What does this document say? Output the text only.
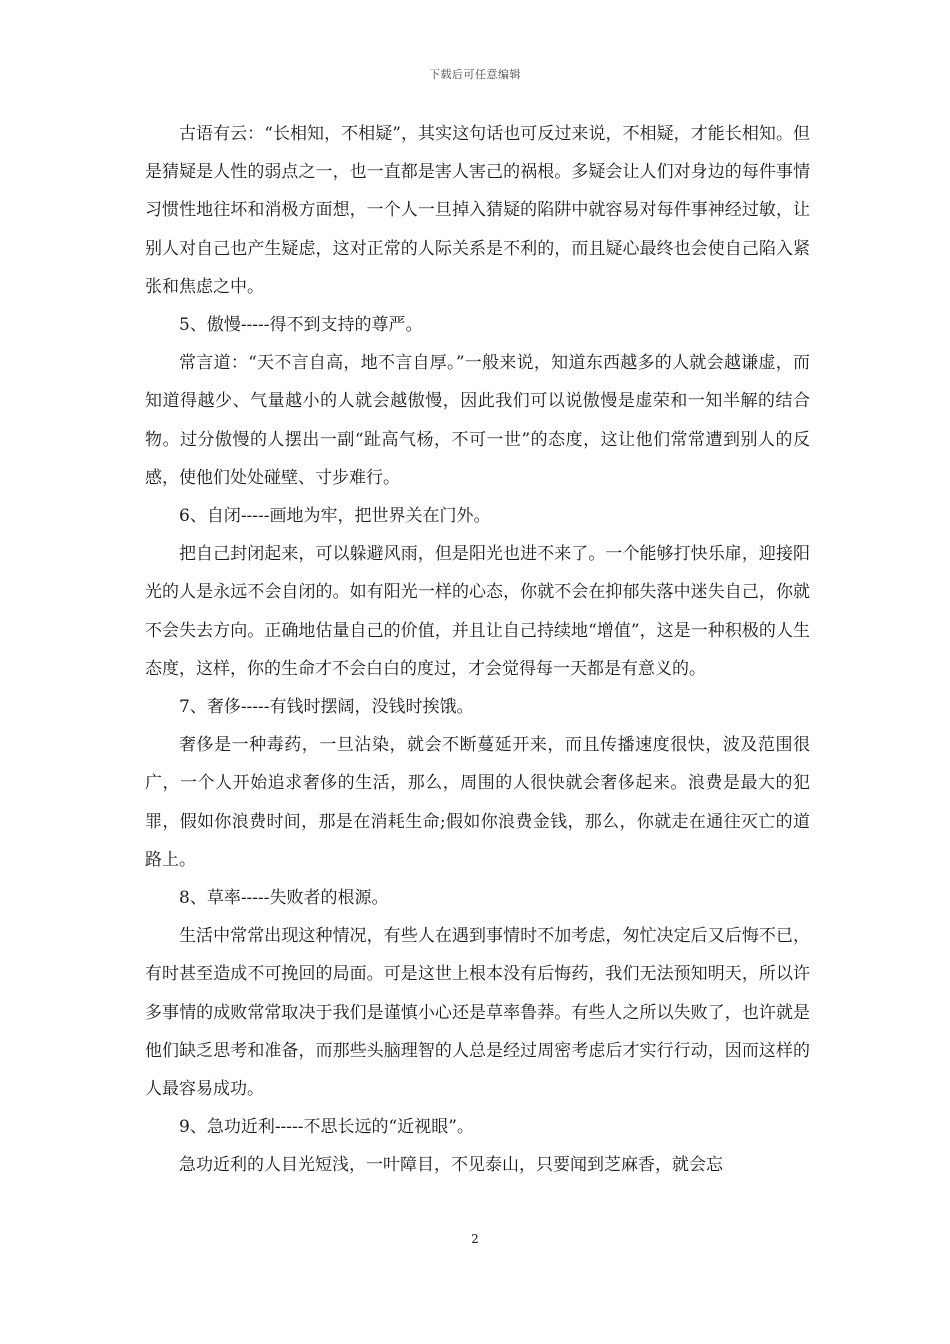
下载后可任意编辑

古语有云：“长相知，不相疑”，其实这句话也可反过来说，不相疑，才能长相知。但是猜疑是人性的弱点之一，也一直都是害人害己的祸根。多疑会让人们对身边的每件事情习惯性地往坏和消极方面想，一个人一旦掉入猜疑的陷阱中就容易对每件事神经过敏，让别人对自己也产生疑虑，这对正常的人际关系是不利的，而且疑心最终也会使自己陷入紧张和焦虑之中。

5、傲慢-----得不到支持的尊严。

常言道：“天不言自高，地不言自厚。”一般来说，知道东西越多的人就会越谦虚，而知道得越少、气量越小的人就会越傲慢，因此我们可以说傲慢是虚荣和一知半解的结合物。过分傲慢的人摆出一副“趾高气杨，不可一世”的态度，这让他们常常遭到别人的反感，使他们处处碰壁、寸步难行。

6、自闭-----画地为牢，把世界关在门外。

把自己封闭起来，可以躲避风雨，但是阳光也进不来了。一个能够打快乐扉，迎接阳光的人是永远不会自闭的。如有阳光一样的心态，你就不会在抑郁失落中迷失自己，你就不会失去方向。正确地估量自己的价值，并且让自己持续地“增值”，这是一种积极的人生态度，这样，你的生命才不会白白的度过，才会觉得每一天都是有意义的。

7、奢侈-----有钱时摆阔，没钱时挨饿。

奢侈是一种毒药，一旦沾染，就会不断蔓延开来，而且传播速度很快，波及范围很广，一个人开始追求奢侈的生活，那么，周围的人很快就会奢侈起来。浪费是最大的犯罪，假如你浪费时间，那是在消耗生命;假如你浪费金钱，那么，你就走在通往灭亡的道路上。

8、草率-----失败者的根源。

生活中常常出现这种情况，有些人在遇到事情时不加考虑，匆忙决定后又后悔不已，有时甚至造成不可挽回的局面。可是这世上根本没有后悔药，我们无法预知明天，所以许多事情的成败常常取决于我们是谨慎小心还是草率鲁莽。有些人之所以失败了，也许就是他们缺乏思考和准备，而那些头脑理智的人总是经过周密考虑后才实行行动，因而这样的人最容易成功。

9、急功近利-----不思长远的“近视眼”。

急功近利的人目光短浅，一叶障目，不见泰山，只要闻到芝麻香，就会忘

2
